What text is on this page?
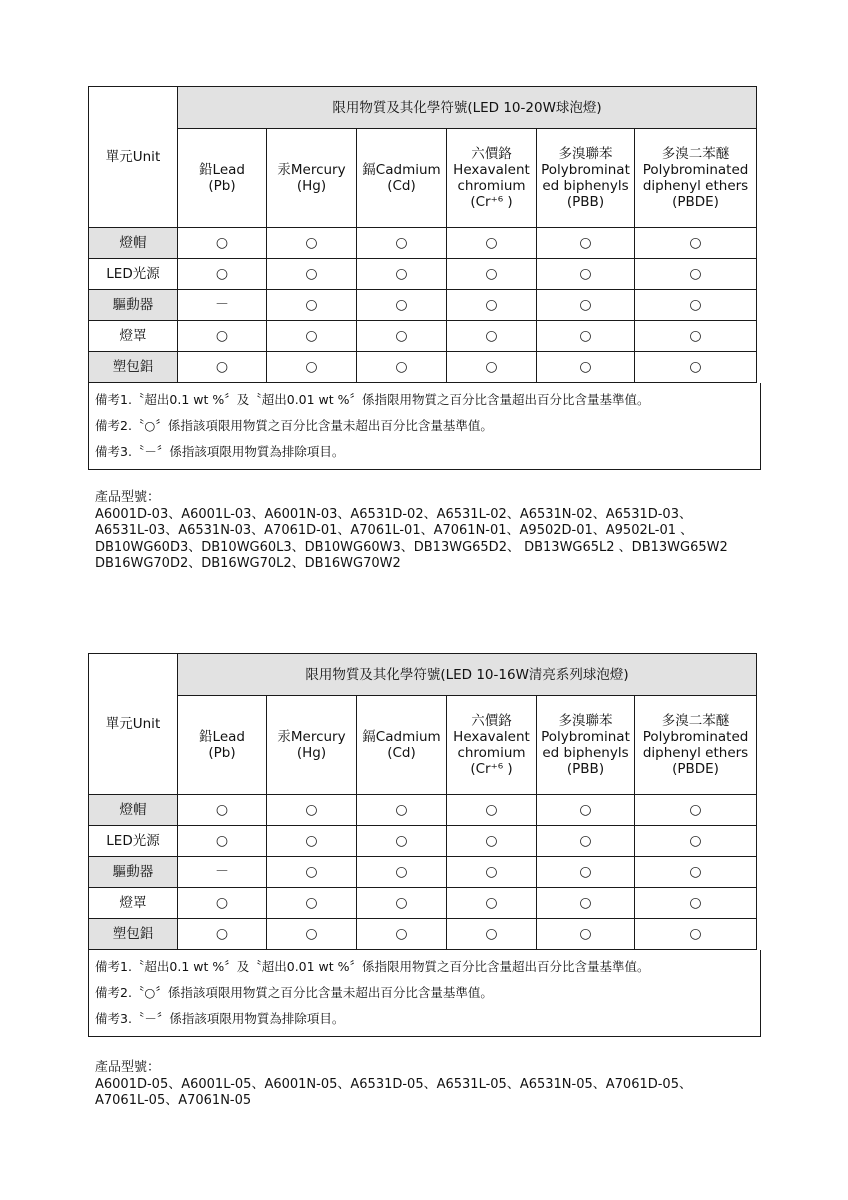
單元Unit	限用物質及其化學符號(LED 10-20W球泡燈)					
	鉛Lead
(Pb)	汞Mercury
(Hg)	鎘Cadmium
(Cd)	六價鉻
Hexavalent
chromium
(Cr⁺⁶ )	多溴聯苯
Polybrominat
ed biphenyls
(PBB)	多溴二苯醚
Polybrominated
diphenyl ethers
(PBDE)
燈帽	○	○	○	○	○	○
LED光源	○	○	○	○	○	○
驅動器	－	○	○	○	○	○
燈罩	○	○	○	○	○	○
塑包鋁	○	○	○	○	○	○
備考1.〝超出0.1 wt %〞及〝超出0.01 wt %〞係指限用物質之百分比含量超出百分比含量基準值。
備考2.〝○〞係指該項限用物質之百分比含量未超出百分比含量基準值。
備考3.〝－〞係指該項限用物質為排除項目。
產品型號：
A6001D-03、A6001L-03、A6001N-03、A6531D-02、A6531L-02、A6531N-02、A6531D-03、
A6531L-03、A6531N-03、A7061D-01、A7061L-01、A7061N-01、A9502D-01、A9502L-01 、
DB10WG60D3、DB10WG60L3、DB10WG60W3、DB13WG65D2、 DB13WG65L2 、DB13WG65W2
DB16WG70D2、DB16WG70L2、DB16WG70W2
單元Unit	限用物質及其化學符號(LED 10-16W清亮系列球泡燈)					
	鉛Lead
(Pb)	汞Mercury
(Hg)	鎘Cadmium
(Cd)	六價鉻
Hexavalent
chromium
(Cr⁺⁶ )	多溴聯苯
Polybrominat
ed biphenyls
(PBB)	多溴二苯醚
Polybrominated
diphenyl ethers
(PBDE)
燈帽	○	○	○	○	○	○
LED光源	○	○	○	○	○	○
驅動器	－	○	○	○	○	○
燈罩	○	○	○	○	○	○
塑包鋁	○	○	○	○	○	○
備考1.〝超出0.1 wt %〞及〝超出0.01 wt %〞係指限用物質之百分比含量超出百分比含量基準值。
備考2.〝○〞係指該項限用物質之百分比含量未超出百分比含量基準值。
備考3.〝－〞係指該項限用物質為排除項目。
產品型號：
A6001D-05、A6001L-05、A6001N-05、A6531D-05、A6531L-05、A6531N-05、A7061D-05、
A7061L-05、A7061N-05
